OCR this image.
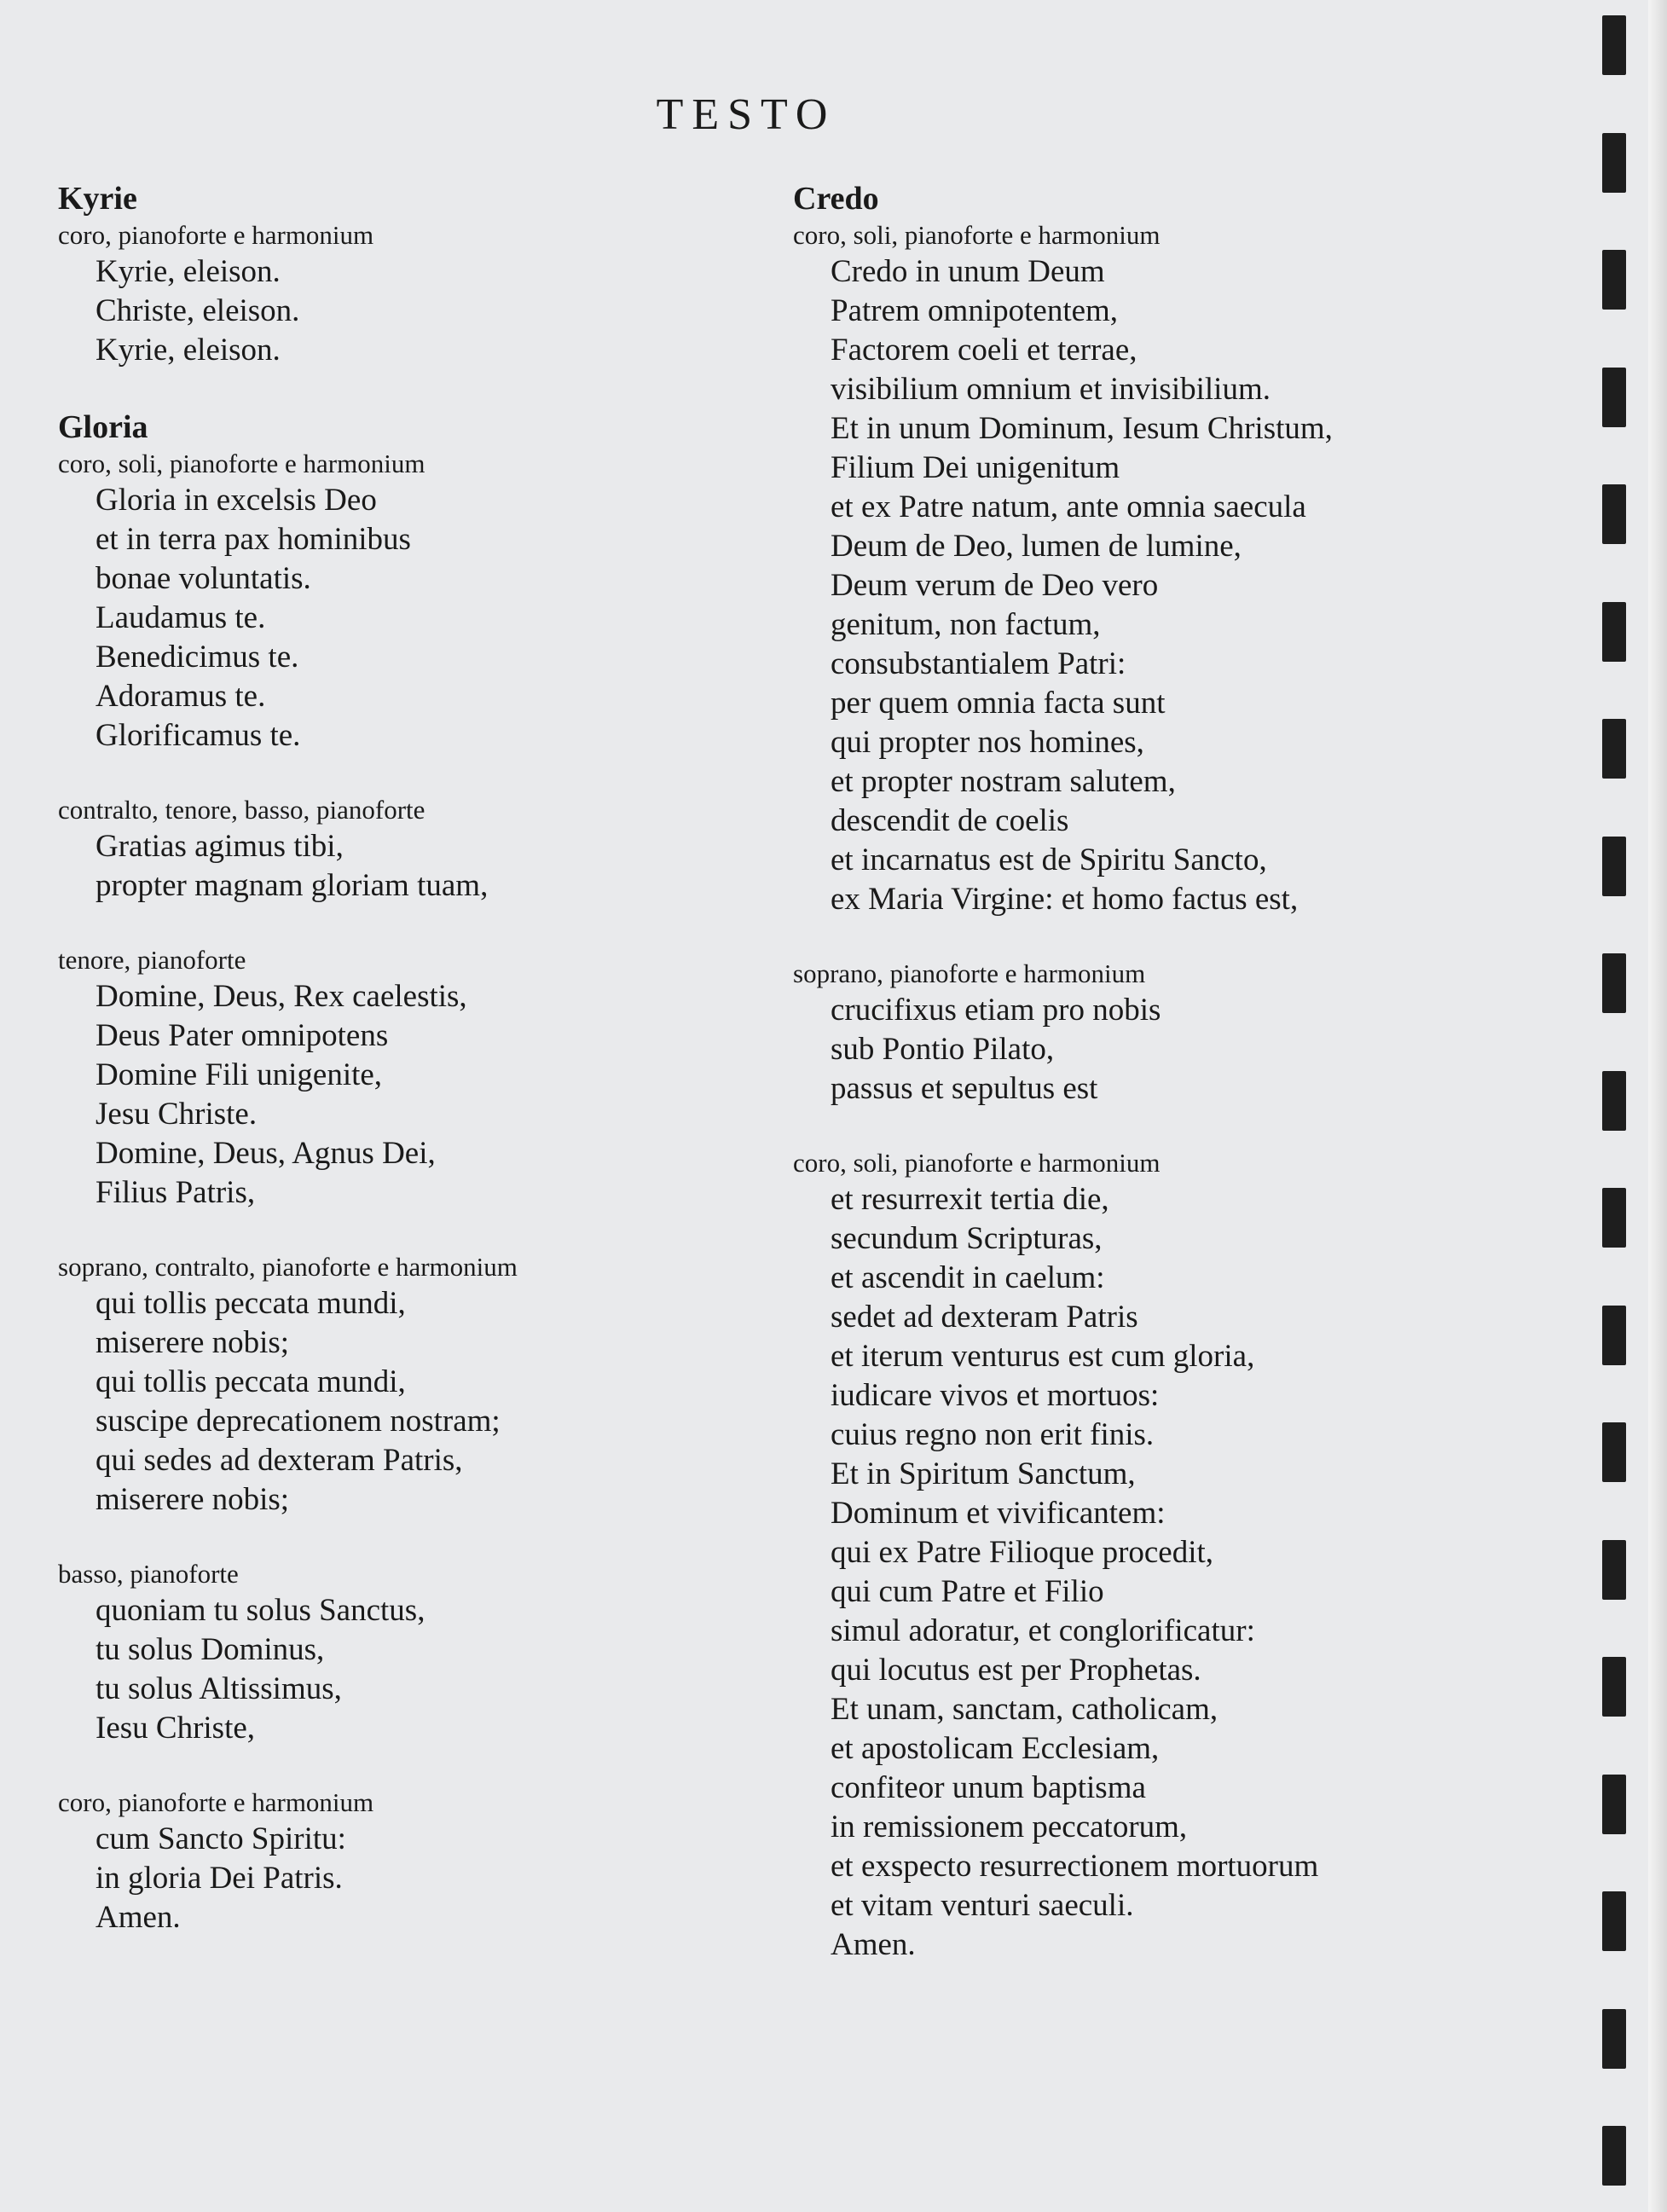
TESTO
Kyrie
coro, pianoforte e harmonium
Kyrie, eleison.
Christe, eleison.
Kyrie, eleison.
Gloria
coro, soli, pianoforte e harmonium
Gloria in excelsis Deo
et in terra pax hominibus
bonae voluntatis.
Laudamus te.
Benedicimus te.
Adoramus te.
Glorificamus te.
contralto, tenore, basso, pianoforte
Gratias agimus tibi,
propter magnam gloriam tuam,
tenore, pianoforte
Domine, Deus, Rex caelestis,
Deus Pater omnipotens
Domine Fili unigenite,
Jesu Christe.
Domine, Deus, Agnus Dei,
Filius Patris,
soprano, contralto, pianoforte e harmonium
qui tollis peccata mundi,
miserere nobis;
qui tollis peccata mundi,
suscipe deprecationem nostram;
qui sedes ad dexteram Patris,
miserere nobis;
basso, pianoforte
quoniam tu solus Sanctus,
tu solus Dominus,
tu solus Altissimus,
Iesu Christe,
coro, pianoforte e harmonium
cum Sancto Spiritu:
in gloria Dei Patris.
Amen.
Credo
coro, soli, pianoforte e harmonium
Credo in unum Deum
Patrem omnipotentem,
Factorem coeli et terrae,
visibilium omnium et invisibilium.
Et in unum Dominum, Iesum Christum,
Filium Dei unigenitum
et ex Patre natum, ante omnia saecula
Deum de Deo, lumen de lumine,
Deum verum de Deo vero
genitum, non factum,
consubstantialem Patri:
per quem omnia facta sunt
qui propter nos homines,
et propter nostram salutem,
descendit de coelis
et incarnatus est de Spiritu Sancto,
ex Maria Virgine: et homo factus est,
soprano, pianoforte e harmonium
crucifixus etiam pro nobis
sub Pontio Pilato,
passus et sepultus est
coro, soli, pianoforte e harmonium
et resurrexit tertia die,
secundum Scripturas,
et ascendit in caelum:
sedet ad dexteram Patris
et iterum venturus est cum gloria,
iudicare vivos et mortuos:
cuius regno non erit finis.
Et in Spiritum Sanctum,
Dominum et vivificantem:
qui ex Patre Filioque procedit,
qui cum Patre et Filio
simul adoratur, et conglorificatur:
qui locutus est per Prophetas.
Et unam, sanctam, catholicam,
et apostolicam Ecclesiam,
confiteor unum baptisma
in remissionem peccatorum,
et exspecto resurrectionem mortuorum
et vitam venturi saeculi.
Amen.
